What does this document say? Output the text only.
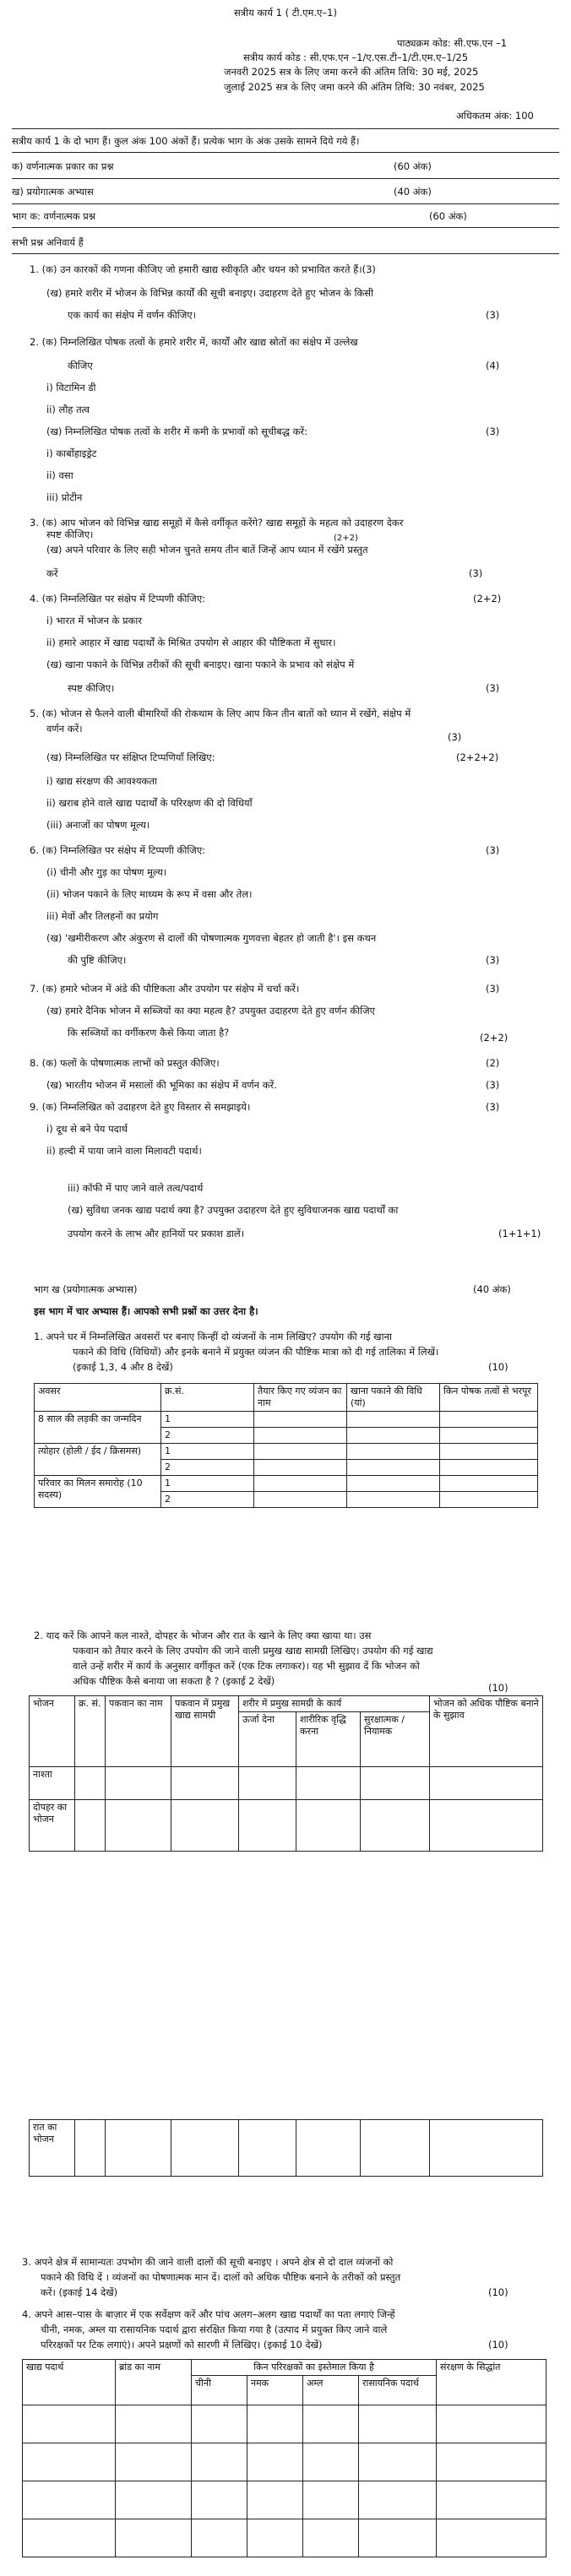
सत्रीय कार्य 1 ( टी.एम.ए–1)
पाठ्यक्रम कोड: सी.एफ.एन –1
सत्रीय कार्य कोड : सी.एफ.एन –1/ए.एस.टी–1/टी.एम.ए–1/25
जनवरी 2025 सत्र के लिए जमा करने की अंतिम तिथि: 30 मई, 2025
जुलाई 2025 सत्र के लिए जमा करने की अंतिम तिथि: 30 नवंबर, 2025
अधिकतम अंक: 100
सत्रीय कार्य 1 के दो भाग हैं। कुल अंक 100 अंकों हैं। प्रत्येक भाग के अंक उसके सामने दिये गये हैं।
क) वर्णनात्मक प्रकार का प्रश्न	(60 अंक)
ख) प्रयोगात्मक अभ्यास	(40 अंक)
भाग क: वर्णनात्मक प्रश्न	(60 अंक)
सभी प्रश्न अनिवार्य हैं
1. (क) उन कारकों की गणना कीजिए जो हमारी खाद्य स्वीकृति और चयन को प्रभावित करते हैं।(3)
(ख) हमारे शरीर में भोजन के विभिन्न कार्यों की सूची बनाइए। उदाहरण देते हुए भोजन के किसी
एक कार्य का संक्षेप में वर्णन कीजिए।	(3)
2. (क) निम्नलिखित पोषक तत्वों के हमारे शरीर में, कार्यों और खाद्य स्रोतों का संक्षेप में उल्लेख
कीजिए	(4)
i) विटामिन डी
ii) लौह तत्व
(ख) निम्नलिखित पोषक तत्वों के शरीर में कमी के प्रभावों को सूचीबद्ध करें:	(3)
i) कार्बोहाइड्रेट
ii) वसा
iii) प्रोटीन
3. (क) आप भोजन को विभिन्न खाद्य समूहों में कैसे वर्गीकृत करेंगे? खाद्य समूहों के महत्व को उदाहरण देकर
स्पष्ट कीजिए।	(2+2)
(ख) अपने परिवार के लिए सही भोजन चुनते समय तीन बातें जिन्हें आप ध्यान में रखेंगे प्रस्तुत
करें	(3)
4. (क) निम्नलिखित पर संक्षेप में टिप्पणी कीजिए:	(2+2)
i) भारत में भोजन के प्रकार
ii) हमारे आहार में खाद्य पदार्थों के मिश्रित उपयोग से आहार की पौष्टिकता में सुधार।
(ख) खाना पकाने के विभिन्न तरीकों की सूची बनाइए। खाना पकाने के प्रभाव को संक्षेप में
स्पष्ट कीजिए।	(3)
5. (क) भोजन से फैलने वाली बीमारियों की रोकथाम के लिए आप किन तीन बातों को ध्यान में रखेंगे, संक्षेप में
वर्णन करें।
(3)
(ख) निम्नलिखित पर संक्षिप्त टिप्पणियाँ लिखिए:	(2+2+2)
i) खाद्य संरक्षण की आवश्यकता
ii) खराब होने वाले खाद्य पदार्थों के परिरक्षण की दो विधियाँ
(iii) अनाजों का पोषण मूल्य।
6. (क) निम्नलिखित पर संक्षेप में टिप्पणी कीजिए:	(3)
(i) चीनी और गुड़ का पोषण मूल्य।
(ii) भोजन पकाने के लिए माध्यम के रूप में वसा और तेल।
iii) मेवों और तिलहनों का प्रयोग
(ख) 'खमीरीकरण और अंकुरण से दालों की पोषणात्मक गुणवत्ता बेहतर हो जाती है'। इस कथन
की पुष्टि कीजिए।	(3)
7. (क) हमारे भोजन में अंडे की पौष्टिकता और उपयोग पर संक्षेप में चर्चा करें।	(3)
(ख) हमारे दैनिक भोजन में सब्जियों का क्या महत्व है? उपयुक्त उदाहरण देते हुए वर्णन कीजिए
कि सब्जियों का वर्गीकरण कैसे किया जाता है?	(2+2)
8. (क) फलों के पोषणात्मक लाभों को प्रस्तुत कीजिए।	(2)
(ख) भारतीय भोजन में मसालों की भूमिका का संक्षेप में वर्णन करें.	(3)
9. (क) निम्नलिखित को उदाहरण देते हुए विस्तार से समझाइये।	(3)
i) दूध से बने पेय पदार्थ
ii) हल्दी में पाया जाने वाला मिलावटी पदार्थ।
iii) कॉफी में पाए जाने वाले तत्व/पदार्थ
(ख) सुविधा जनक खाद्य पदार्थ क्या है? उपयुक्त उदाहरण देते हुए सुविधाजनक खाद्य पदार्थों का
उपयोग करने के लाभ और हानियों पर प्रकाश डालें।	(1+1+1)
भाग ख (प्रयोगात्मक अभ्यास)	(40 अंक)
इस भाग में चार अभ्यास हैं। आपको सभी प्रश्नों का उत्तर देना है।
1. अपने घर में निम्नलिखित अवसरों पर बनाए किन्हीं दो व्यंजनों के नाम लिखिए? उपयोग की गई खाना
पकाने की विधि (विधियों) और इनके बनाने में प्रयुक्त व्यंजन की पौष्टिक मात्रा को दी गई तालिका में लिखें।
(इकाई 1,3, 4 और 8 देखें)	(10)
अवसर	क्र.सं.	तैयार किए गए व्यंजन का नाम	खाना पकाने की विधि (यां)	किन पोषक तत्वों से भरपूर
8 साल की लड़की का जन्मदिन	1			
	2			
त्योहार (होली / ईद / क्रिसमस)	1			
	2			
परिवार का मिलन समारोह (10 सदस्य)	1			
	2			
2. याद करें कि आपने कल नाश्ते, दोपहर के भोजन और रात के खाने के लिए क्या खाया था। उस
पकवान को तैयार करने के लिए उपयोग की जाने वाली प्रमुख खाद्य सामग्री लिखिए। उपयोग की गई खाद्य
वाले उन्हें शरीर में कार्य के अनुसार वर्गीकृत करें (एक टिक लगाकर)। यह भी सुझाव दें कि भोजन को
अधिक पौष्टिक कैसे बनाया जा सकता है ? (इकाई 2 देखें)
(10)
भोजन	क्र. सं.	पकवान का नाम	पकवान में प्रमुख खाद्य सामग्री	शरीर में प्रमुख सामग्री के कार्य			भोजन को अधिक पौष्टिक बनाने के सुझाव
				ऊर्जा देना	शारीरिक वृद्धि करना	सुरक्षात्मक / नियामक	
नाश्ता							
दोपहर का भोजन							
रात का भोजन							
3. अपने क्षेत्र में सामान्यतः उपभोग की जाने वाली दालों की सूची बनाइए । अपने क्षेत्र से दो दाल व्यंजनों को
पकाने की विधि दें । व्यंजनों का पोषणात्मक मान दें। दालों को अधिक पौष्टिक बनाने के तरीकों को प्रस्तुत
करें। (इकाई 14 देखें)	(10)
4. अपने आस–पास के बाज़ार में एक सर्वेक्षण करें और पांच अलग–अलग खाद्य पदार्थों का पता लगाएं जिन्हें
चीनी, नमक, अम्ल या रासायनिक पदार्थ द्वारा संरक्षित किया गया है (उत्पाद में प्रयुक्त किए जाने वाले
परिरक्षकों पर टिक लगाएं)। अपने प्रक्षणों को सारणी में लिखिए। (इकाई 10 देखें)	(10)
खाद्य पदार्थ	ब्रांड का नाम	किन परिरक्षकों का इस्तेमाल किया है				संरक्षण के सिद्धांत
		चीनी	नमक	अम्ल	रासायनिक पदार्थ	
